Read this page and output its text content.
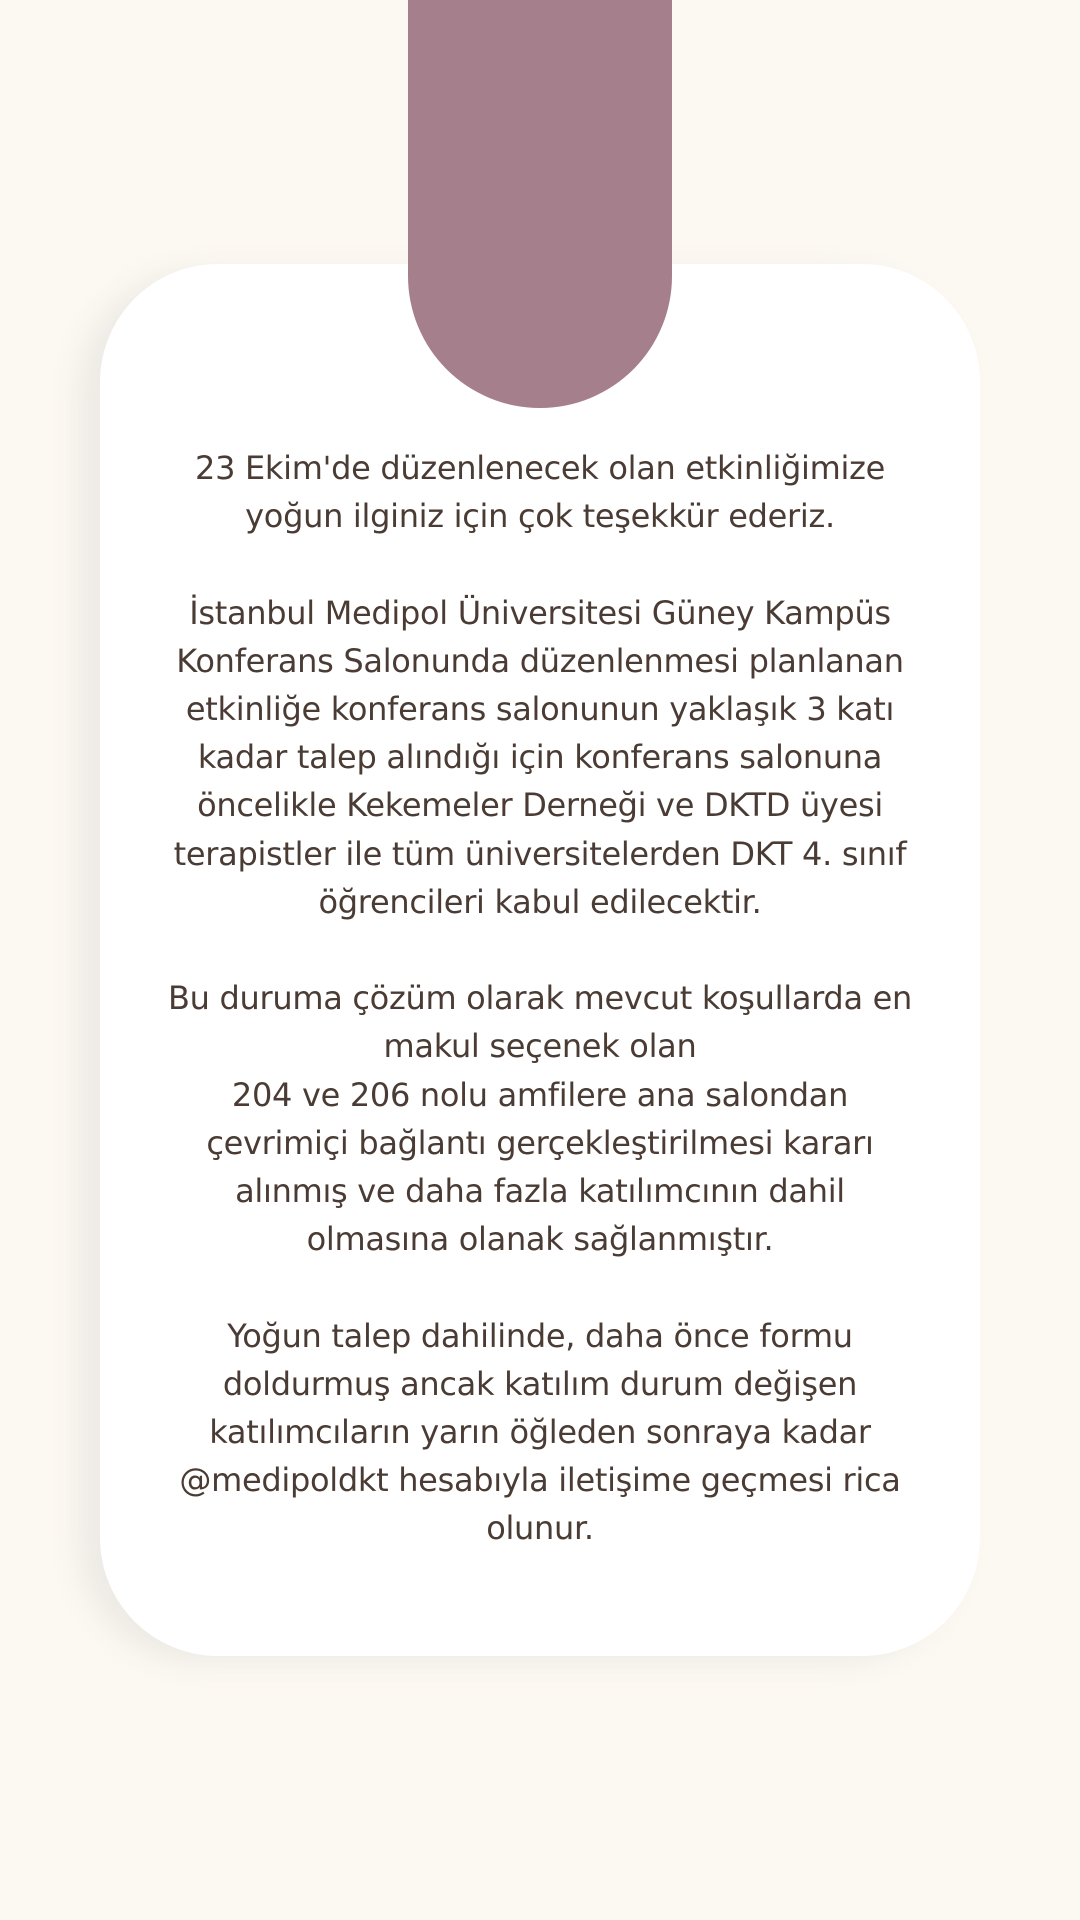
23 Ekim'de düzenlenecek olan etkinliğimize
yoğun ilginiz için çok teşekkür ederiz.

İstanbul Medipol Üniversitesi Güney Kampüs
Konferans Salonunda düzenlenmesi planlanan
etkinliğe konferans salonunun yaklaşık 3 katı
kadar talep alındığı için konferans salonuna
öncelikle Kekemeler Derneği ve DKTD üyesi
terapistler ile tüm üniversitelerden DKT 4. sınıf
öğrencileri kabul edilecektir.

Bu duruma çözüm olarak mevcut koşullarda en
makul seçenek olan
204 ve 206 nolu amfilere ana salondan
çevrimiçi bağlantı gerçekleştirilmesi kararı
alınmış ve daha fazla katılımcının dahil
olmasına olanak sağlanmıştır.

Yoğun talep dahilinde, daha önce formu
doldurmuş ancak katılım durum değişen
katılımcıların yarın öğleden sonraya kadar
@medipoldkt hesabıyla iletişime geçmesi rica
olunur.
